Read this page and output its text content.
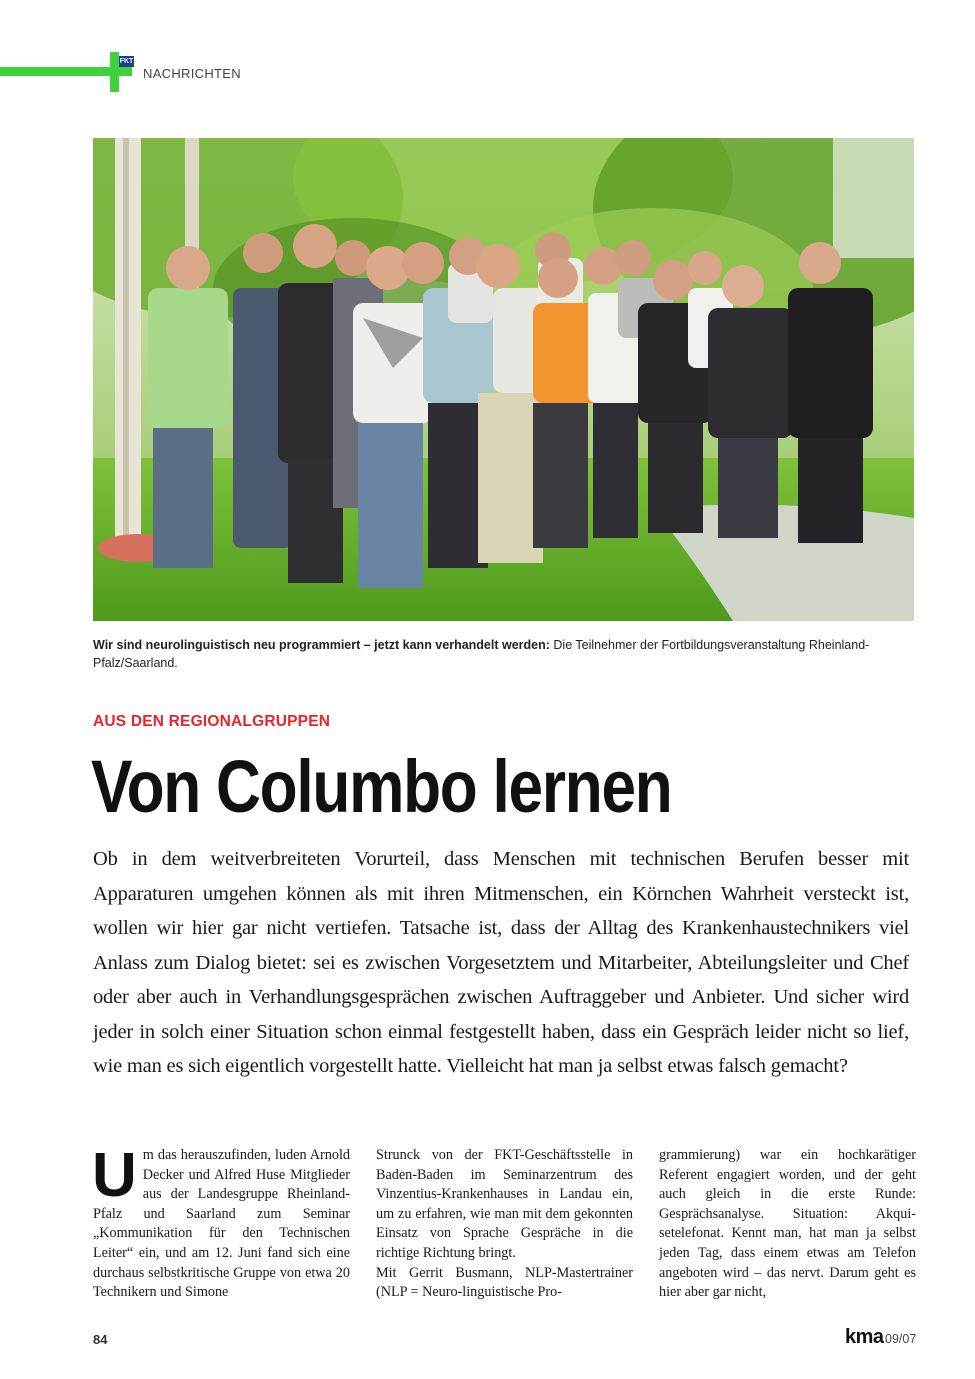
FKT
NACHRICHTEN
Wir sind neurolinguistisch neu programmiert – jetzt kann verhandelt werden: Die Teilnehmer der Fortbildungsveranstaltung Rheinland-Pfalz/Saarland.
AUS DEN REGIONALGRUPPEN
Von Columbo lernen
Ob in dem weitverbreiteten Vorurteil, dass Menschen mit technischen Berufen besser mit Apparaturen umgehen können als mit ihren Mitmenschen, ein Körnchen Wahrheit versteckt ist, wollen wir hier gar nicht vertiefen. Tatsache ist, dass der Alltag des Krankenhaustechnikers viel Anlass zum Dialog bietet: sei es zwischen Vorgesetztem und Mitarbeiter, Abteilungsleiter und Chef oder aber auch in Verhandlungsgesprächen zwischen Auftraggeber und Anbieter. Und sicher wird jeder in solch einer Situation schon einmal festgestellt haben, dass ein Gespräch leider nicht so lief, wie man es sich eigentlich vorgestellt hatte. Vielleicht hat man ja selbst etwas falsch gemacht?
U m das herauszufinden, luden Arnold Decker und Alfred Huse Mitglieder aus der Landesgruppe Rheinland-Pfalz und Saarland zum Seminar „Kommunikation für den Technischen Leiter“ ein, und am 12. Juni fand sich eine durchaus selbstkritische Gruppe von etwa 20 Technikern und Simone

Strunck von der FKT-Geschäftsstelle in Baden-Baden im Seminarzentrum des Vinzentius-Krankenhauses in Landau ein, um zu erfahren, wie man mit dem gekonnten Einsatz von Sprache Gespräche in die richtige Richtung bringt.

Mit Gerrit Busmann, NLP-Mastertrainer (NLP = Neuro-linguistische Pro-

grammierung) war ein hochkarätiger Referent engagiert worden, und der geht auch gleich in die erste Runde: Gesprächsanalyse. Situation: Akquisetelefonat. Kennt man, hat man ja selbst jeden Tag, dass einem etwas am Telefon angeboten wird – das nervt. Darum geht es hier aber gar nicht,

84	kma 09/07
